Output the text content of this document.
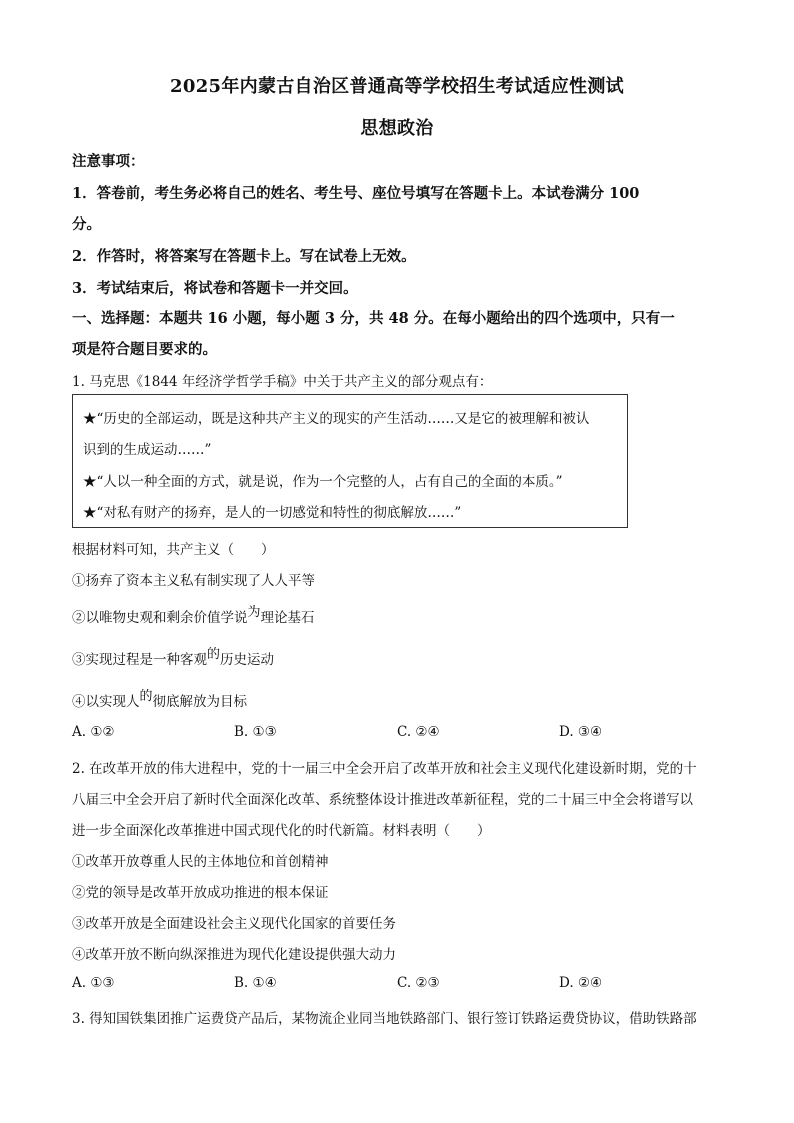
2025年内蒙古自治区普通高等学校招生考试适应性测试
思想政治
注意事项：
1．答卷前，考生务必将自己的姓名、考生号、座位号填写在答题卡上。本试卷满分 100
分。
2．作答时，将答案写在答题卡上。写在试卷上无效。
3．考试结束后，将试卷和答题卡一并交回。
一、选择题：本题共 16 小题，每小题 3 分，共 48 分。在每小题给出的四个选项中，只有一
项是符合题目要求的。
1. 马克思《1844 年经济学哲学手稿》中关于共产主义的部分观点有：
★“历史的全部运动，既是这种共产主义的现实的产生活动……又是它的被理解和被认
识到的生成运动……”
★“人以一种全面的方式，就是说，作为一个完整的人，占有自己的全面的本质。”
★“对私有财产的扬弃，是人的一切感觉和特性的彻底解放……”
根据材料可知，共产主义（　　）
①扬弃了资本主义私有制实现了人人平等
②以唯物史观和剩余价值学说为理论基石
③实现过程是一种客观的历史运动
④以实现人的彻底解放为目标
A. ①②	B. ①③	C. ②④	D. ③④
2. 在改革开放的伟大进程中，党的十一届三中全会开启了改革开放和社会主义现代化建设新时期，党的十
八届三中全会开启了新时代全面深化改革、系统整体设计推进改革新征程，党的二十届三中全会将谱写以
进一步全面深化改革推进中国式现代化的时代新篇。材料表明（　　）
①改革开放尊重人民的主体地位和首创精神
②党的领导是改革开放成功推进的根本保证
③改革开放是全面建设社会主义现代化国家的首要任务
④改革开放不断向纵深推进为现代化建设提供强大动力
A. ①③	B. ①④	C. ②③	D. ②④
3. 得知国铁集团推广运费贷产品后，某物流企业同当地铁路部门、银行签订铁路运费贷协议，借助铁路部
